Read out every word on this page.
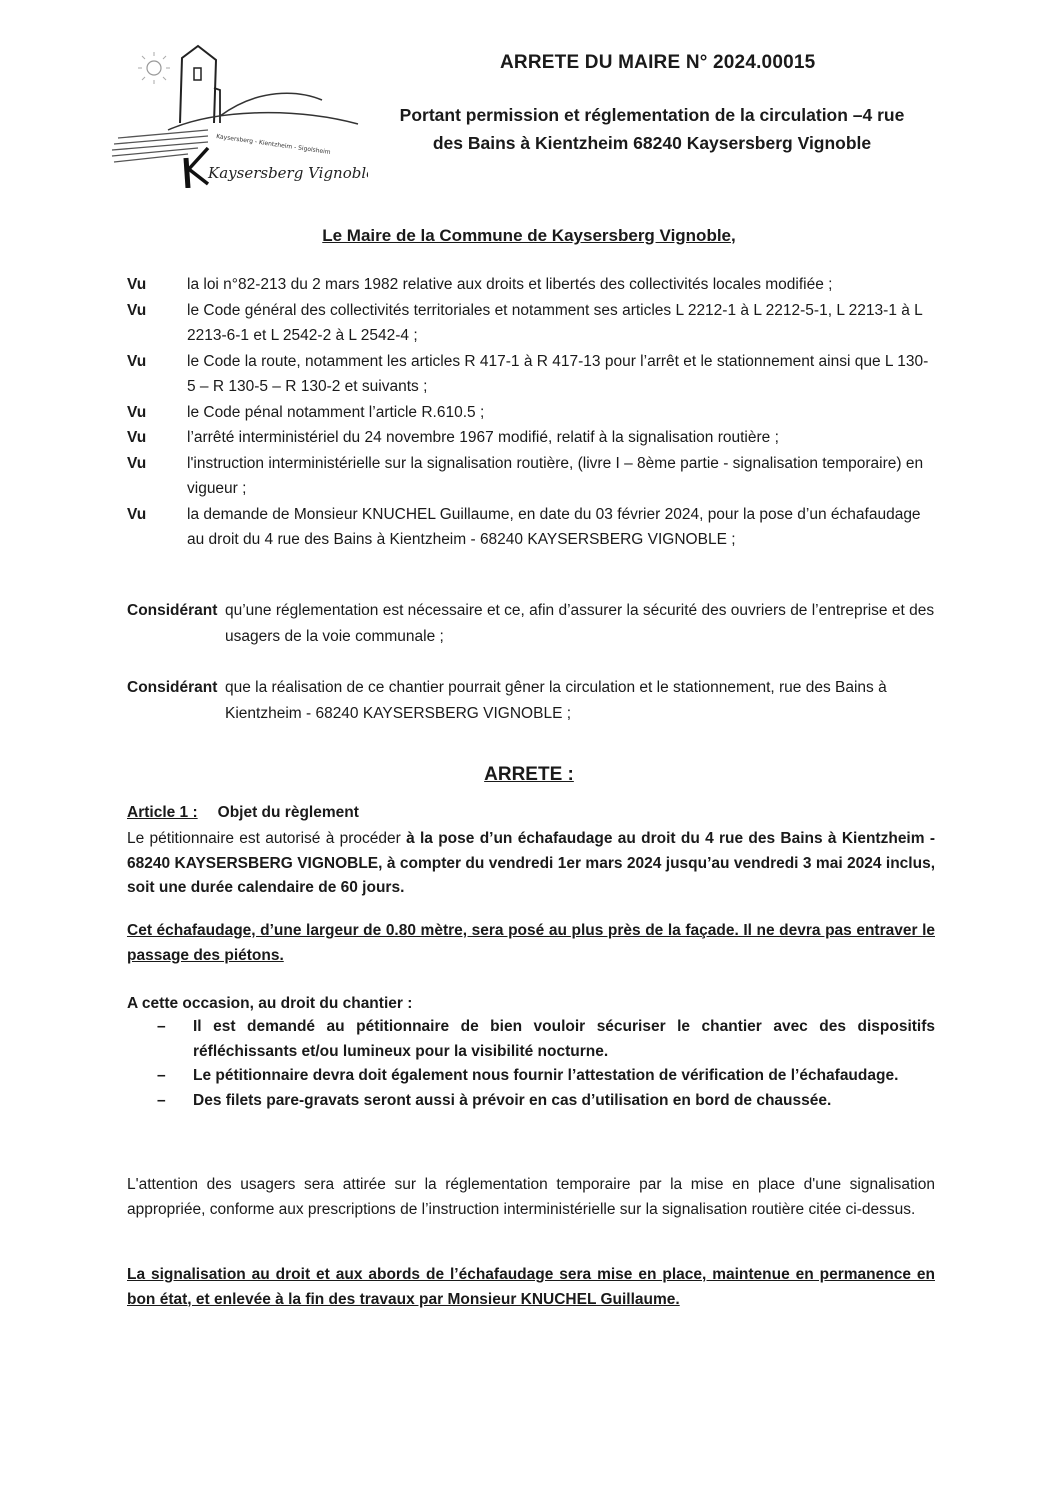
Kaysersberg - Kientzheim - Sigolsheim
Kaysersberg Vignoble
ARRETE DU MAIRE N° 2024.00015
Portant permission et réglementation de la circulation –4 rue
des Bains à Kientzheim 68240 Kaysersberg Vignoble
Le Maire de la Commune de Kaysersberg Vignoble,
Vu	la loi n°82-213 du 2 mars 1982 relative aux droits et libertés des collectivités locales modifiée ;
Vu	le Code général des collectivités territoriales et notamment ses articles L 2212-1 à L 2212-5-1, L 2213-1 à L 2213-6-1 et L 2542-2 à L 2542-4 ;
Vu	le Code la route, notamment les articles R 417-1 à R 417-13 pour l’arrêt et le stationnement ainsi que L 130-5 – R 130-5 – R 130-2 et suivants ;
Vu	le Code pénal notamment l’article R.610.5 ;
Vu	l’arrêté interministériel du 24 novembre 1967 modifié, relatif à la signalisation routière ;
Vu	l'instruction interministérielle sur la signalisation routière, (livre I – 8ème partie - signalisation temporaire) en vigueur ;
Vu	la demande de Monsieur KNUCHEL Guillaume, en date du 03 février 2024, pour la pose d’un échafaudage au droit du 4 rue des Bains à Kientzheim - 68240 KAYSERSBERG VIGNOBLE ;
Considérant qu’une réglementation est nécessaire et ce, afin d’assurer la sécurité des ouvriers de l’entreprise et des usagers de la voie communale ;
Considérant que la réalisation de ce chantier pourrait gêner la circulation et le stationnement, rue des Bains à Kientzheim - 68240 KAYSERSBERG VIGNOBLE ;
ARRETE :
Article 1 : Objet du règlement
Le pétitionnaire est autorisé à procéder à la pose d’un échafaudage au droit du 4 rue des Bains à Kientzheim - 68240 KAYSERSBERG VIGNOBLE, à compter du vendredi 1er mars 2024 jusqu’au vendredi 3 mai 2024 inclus, soit une durée calendaire de 60 jours.
Cet échafaudage, d’une largeur de 0.80 mètre, sera posé au plus près de la façade. Il ne devra pas entraver le passage des piétons.
A cette occasion, au droit du chantier :
–	Il est demandé au pétitionnaire de bien vouloir sécuriser le chantier avec des dispositifs réfléchissants et/ou lumineux pour la visibilité nocturne.
–	Le pétitionnaire devra doit également nous fournir l’attestation de vérification de l’échafaudage.
–	Des filets pare-gravats seront aussi à prévoir en cas d’utilisation en bord de chaussée.
L'attention des usagers sera attirée sur la réglementation temporaire par la mise en place d'une signalisation appropriée, conforme aux prescriptions de l’instruction interministérielle sur la signalisation routière citée ci-dessus.
La signalisation au droit et aux abords de l’échafaudage sera mise en place, maintenue en permanence en bon état, et enlevée à la fin des travaux par Monsieur KNUCHEL Guillaume.
